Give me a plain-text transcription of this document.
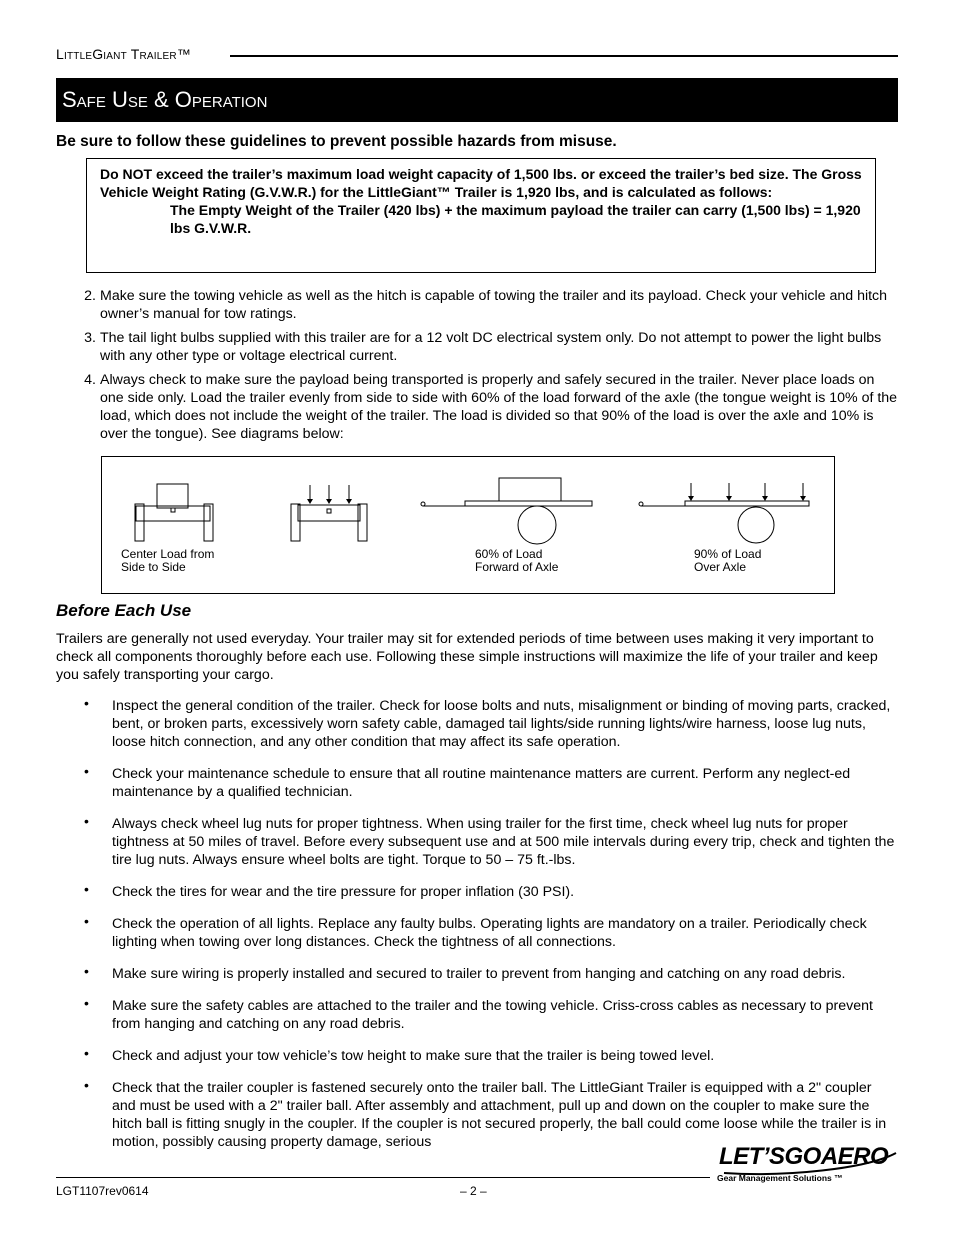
LittleGiant Trailer™
Safe Use & Operation
Be sure to follow these guidelines to prevent possible hazards from misuse.
Do NOT exceed the trailer’s maximum load weight capacity of 1,500 lbs. or exceed the trailer’s bed size. The Gross Vehicle Weight Rating (G.V.W.R.) for the LittleGiant™ Trailer is 1,920 lbs, and is calculated as follows:
The Empty Weight of the Trailer (420 lbs) + the maximum payload the trailer can carry (1,500 lbs) = 1,920 lbs G.V.W.R.
2. Make sure the towing vehicle as well as the hitch is capable of towing the trailer and its payload. Check your vehicle and hitch owner’s manual for tow ratings.
3. The tail light bulbs supplied with this trailer are for a 12 volt DC electrical system only. Do not attempt to power the light bulbs with any other type or voltage electrical current.
4. Always check to make sure the payload being transported is properly and safely secured in the trailer. Never place loads on one side only. Load the trailer evenly from side to side with 60% of the load forward of the axle (the tongue weight is 10% of the load, which does not include the weight of the trailer. The load is divided so that 90% of the load is over the axle and 10% is over the tongue). See diagrams below:
Center Load from
Side to Side
60% of Load
Forward of Axle
90% of Load
Over Axle
Before Each Use
Trailers are generally not used everyday. Your trailer may sit for extended periods of time between uses making it very important to check all components thoroughly before each use. Following these simple instructions will maximize the life of your trailer and keep you safely transporting your cargo.
•	Inspect the general condition of the trailer. Check for loose bolts and nuts, misalignment or binding of moving parts, cracked, bent, or broken parts, excessively worn safety cable, damaged tail lights/side running lights/wire harness, loose lug nuts, loose hitch connection, and any other condition that may affect its safe operation.
•	Check your maintenance schedule to ensure that all routine maintenance matters are current. Perform any neglect-ed maintenance by a qualified technician.
•	Always check wheel lug nuts for proper tightness. When using trailer for the first time, check wheel lug nuts for proper tightness at 50 miles of travel. Before every subsequent use and at 500 mile intervals during every trip, check and tighten the tire lug nuts. Always ensure wheel bolts are tight. Torque to 50 – 75 ft.-lbs.
•	Check the tires for wear and the tire pressure for proper inflation (30 PSI).
•	Check the operation of all lights. Replace any faulty bulbs. Operating lights are mandatory on a trailer. Periodically check lighting when towing over long distances. Check the tightness of all connections.
•	Make sure wiring is properly installed and secured to trailer to prevent from hanging and catching on any road debris.
•	Make sure the safety cables are attached to the trailer and the towing vehicle. Criss-cross cables as necessary to prevent from hanging and catching on any road debris.
•	Check and adjust your tow vehicle’s tow height to make sure that the trailer is being towed level.
•	Check that the trailer coupler is fastened securely onto the trailer ball. The LittleGiant Trailer is equipped with a 2" coupler and must be used with a 2" trailer ball. After assembly and attachment, pull up and down on the coupler to make sure the hitch ball is fitting snugly in the coupler. If the coupler is not secured properly, the ball could come loose while the trailer is in motion, possibly causing property damage, serious
LGT1107rev0614	– 2 –
LET’SGOAERO
Gear Management Solutions ™
